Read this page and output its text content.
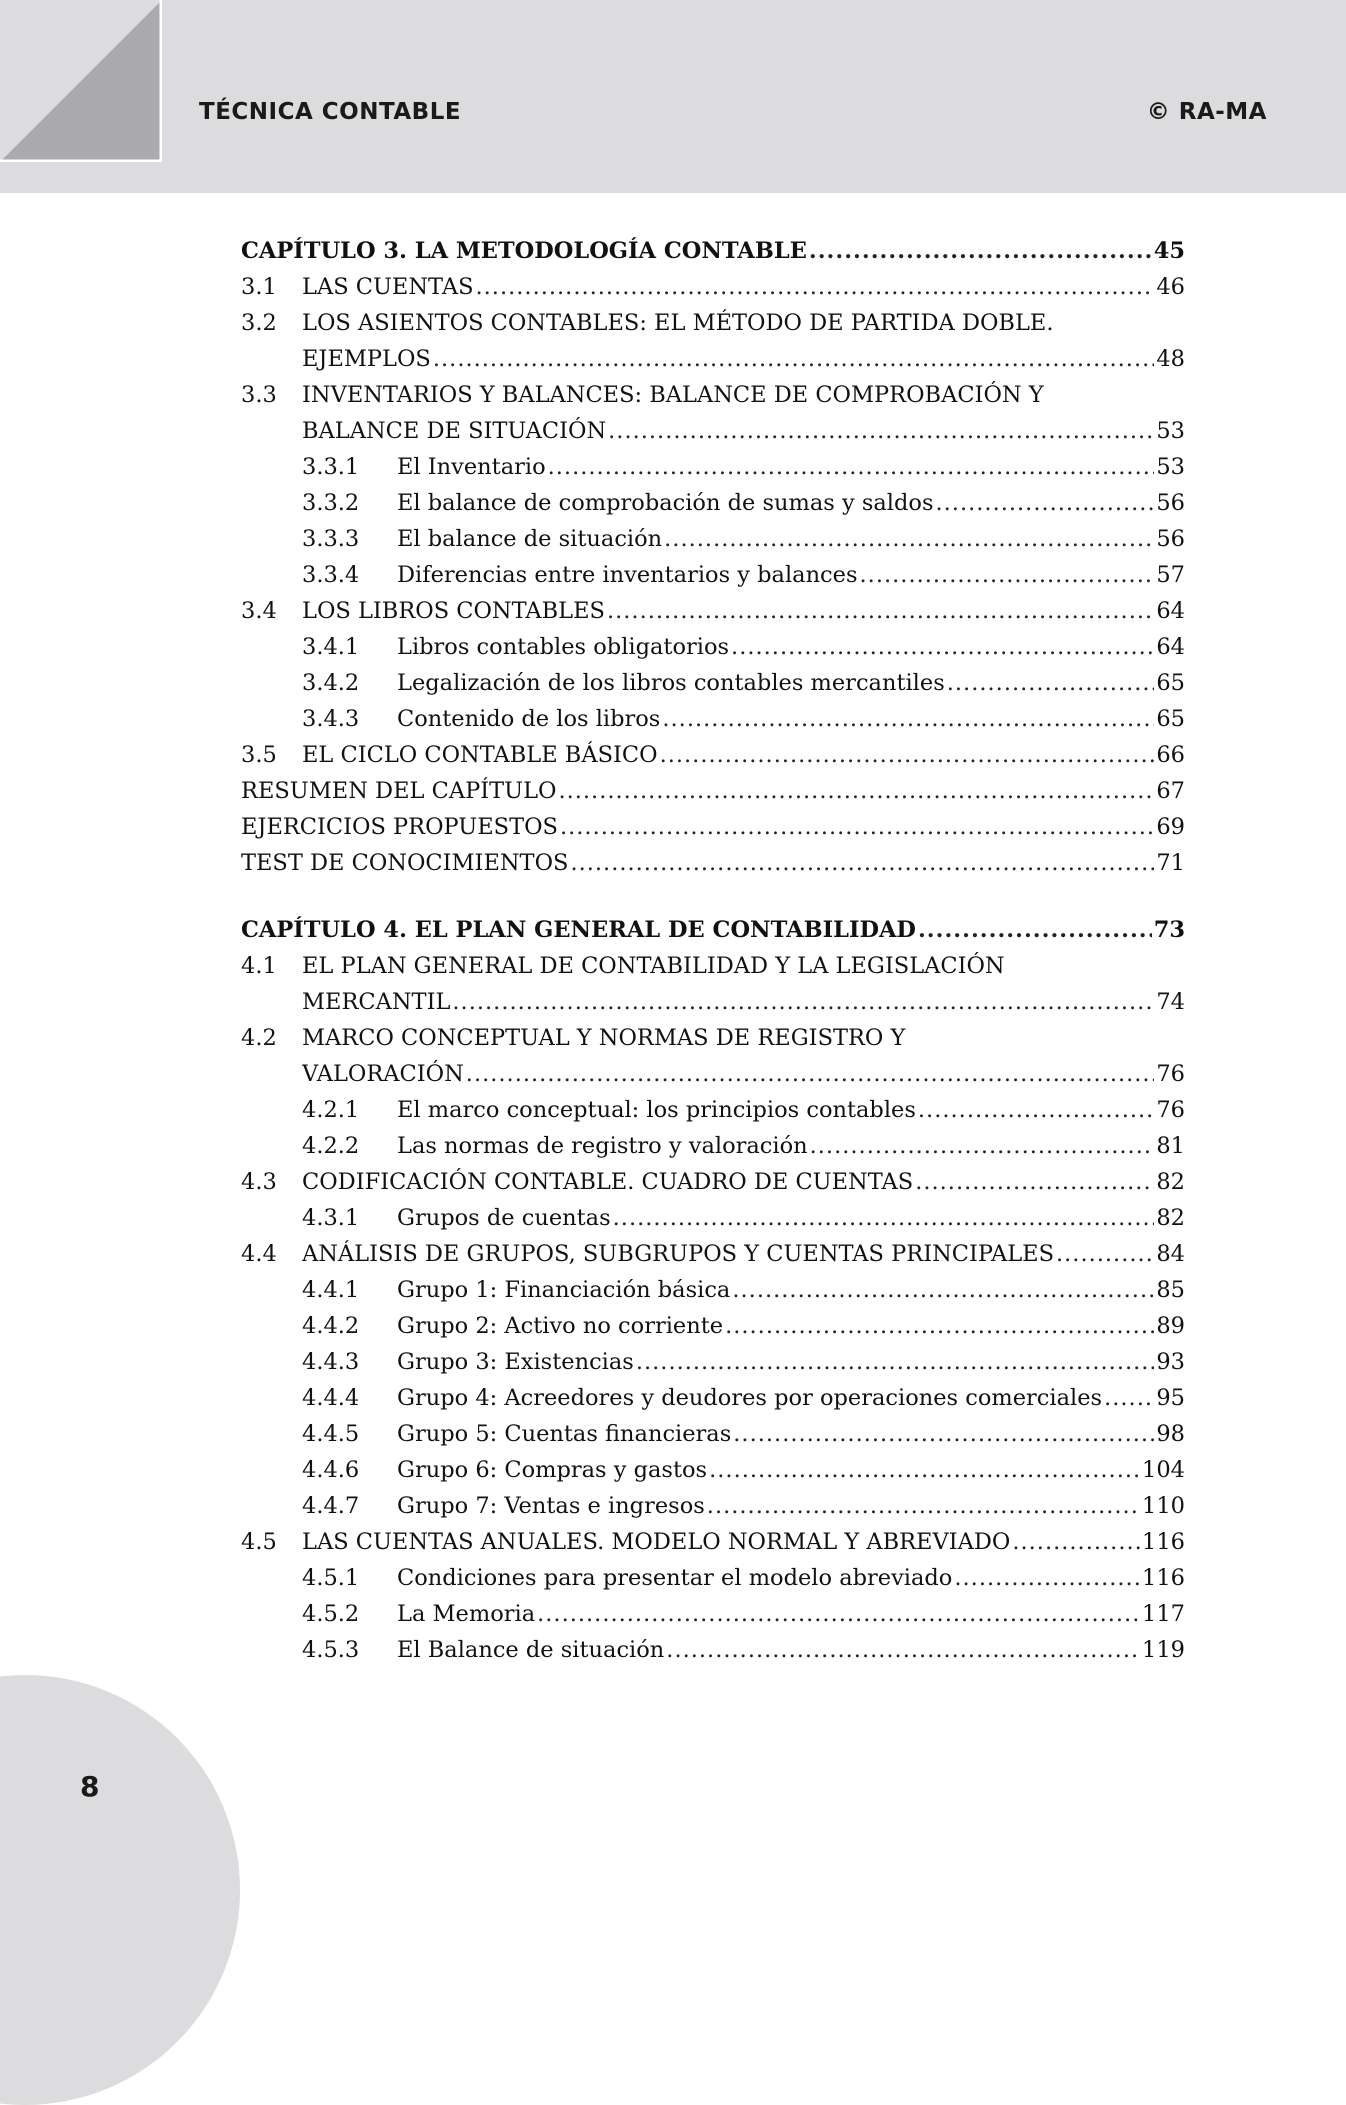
TÉCNICA CONTABLE	© RA-MA
8
CAPÍTULO 3. LA METODOLOGÍA CONTABLE .....	45
3.1	LAS CUENTAS .....	46
3.2	LOS ASIENTOS CONTABLES: EL MÉTODO DE PARTIDA DOBLE.
EJEMPLOS .....	48
3.3	INVENTARIOS Y BALANCES: BALANCE DE COMPROBACIÓN Y
BALANCE DE SITUACIÓN .....	53
3.3.1	El Inventario .....	53
3.3.2	El balance de comprobación de sumas y saldos .....	56
3.3.3	El balance de situación .....	56
3.3.4	Diferencias entre inventarios y balances .....	57
3.4	LOS LIBROS CONTABLES .....	64
3.4.1	Libros contables obligatorios .....	64
3.4.2	Legalización de los libros contables mercantiles .....	65
3.4.3	Contenido de los libros .....	65
3.5	EL CICLO CONTABLE BÁSICO .....	66
RESUMEN DEL CAPÍTULO .....	67
EJERCICIOS PROPUESTOS .....	69
TEST DE CONOCIMIENTOS .....	71
CAPÍTULO 4. EL PLAN GENERAL DE CONTABILIDAD .....	73
4.1	EL PLAN GENERAL DE CONTABILIDAD Y LA LEGISLACIÓN
MERCANTIL .....	74
4.2	MARCO CONCEPTUAL Y NORMAS DE REGISTRO Y
VALORACIÓN .....	76
4.2.1	El marco conceptual: los principios contables .....	76
4.2.2	Las normas de registro y valoración .....	81
4.3	CODIFICACIÓN CONTABLE. CUADRO DE CUENTAS .....	82
4.3.1	Grupos de cuentas .....	82
4.4	ANÁLISIS DE GRUPOS, SUBGRUPOS Y CUENTAS PRINCIPALES .....	84
4.4.1	Grupo 1: Financiación básica .....	85
4.4.2	Grupo 2: Activo no corriente .....	89
4.4.3	Grupo 3: Existencias .....	93
4.4.4	Grupo 4: Acreedores y deudores por operaciones comerciales ..... 95
4.4.5	Grupo 5: Cuentas financieras .....	98
4.4.6	Grupo 6: Compras y gastos .....	104
4.4.7	Grupo 7: Ventas e ingresos .....	110
4.5	LAS CUENTAS ANUALES. MODELO NORMAL Y ABREVIADO .....	116
4.5.1	Condiciones para presentar el modelo abreviado .....	116
4.5.2	La Memoria .....	117
4.5.3	El Balance de situación .....	119
